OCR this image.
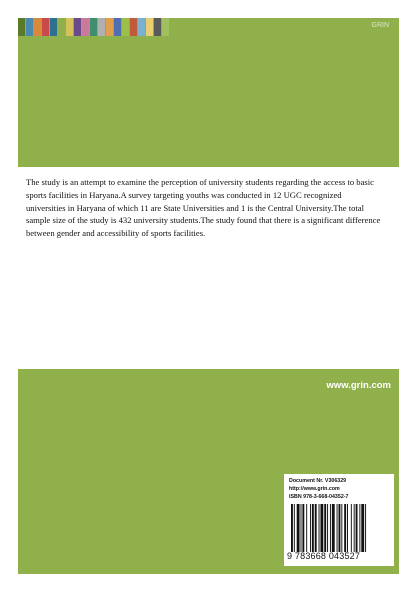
GRIN

The study is an attempt to examine the perception of university students regarding the access to basic sports facilities in Haryana.A survey targeting youths was conducted in 12 UGC recognized universities in Haryana of which 11 are State Universities and 1 is the Central University.The total sample size of the study is 432 university students.The study found that there is a significant difference between gender and accessibility of sports facilities.

www.grin.com
Document Nr. V306329
http://www.grin.com
ISBN 978-3-668-04352-7
9 783668 043527
